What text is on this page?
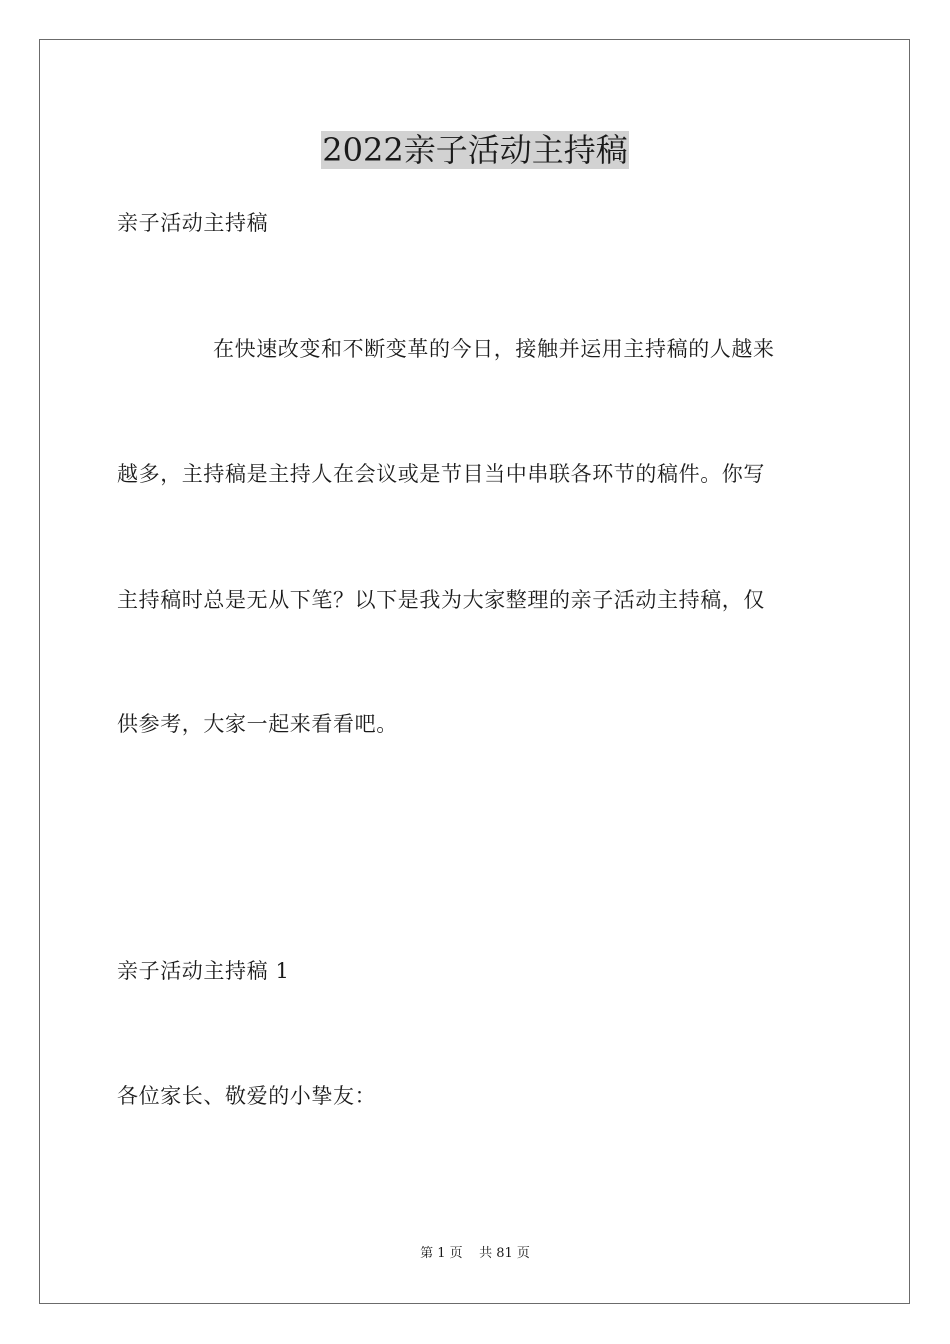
2022亲子活动主持稿
亲子活动主持稿
在快速改变和不断变革的今日，接触并运用主持稿的人越来
越多，主持稿是主持人在会议或是节目当中串联各环节的稿件。你写
主持稿时总是无从下笔？以下是我为大家整理的亲子活动主持稿，仅
供参考，大家一起来看看吧。
亲子活动主持稿 1
各位家长、敬爱的小挚友：
第 1 页    共 81 页
